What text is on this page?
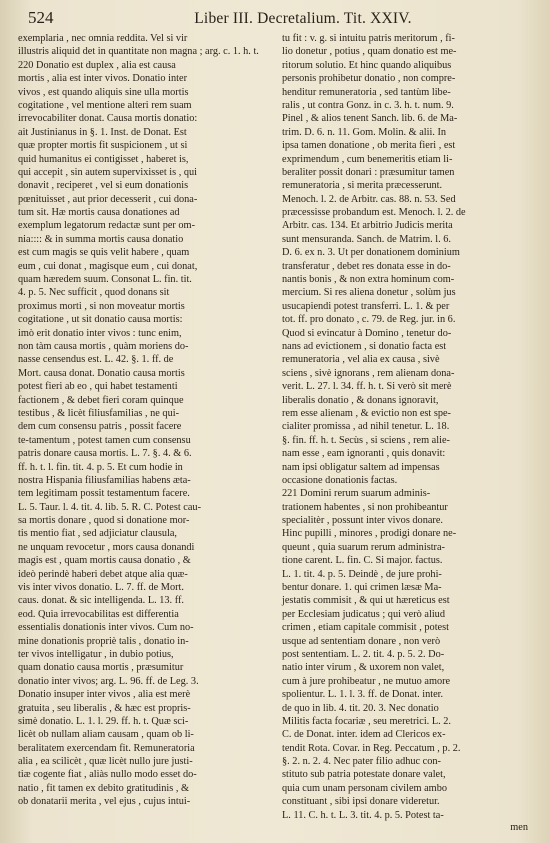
524	Liber III. Decretalium. Tit. XXIV.
exemplaria , nec omnia reddita. Vel si vir
illustris aliquid det in quantitate non magna ; arg. c. 1. h. t.
220 Donatio est duplex , alia est causa
mortis , alia est inter vivos. Donatio inter
vivos , est quando aliquis sine ulla mortis
cogitatione , vel mentione alteri rem suam
irrevocabiliter donat. Causa mortis donatio:
ait Justinianus in §. 1. Inst. de Donat. Est
quæ propter mortis fit suspicionem , ut si
quid humanitus ei contigisset , haberet is,
qui accepit , sin autem supervixisset is , qui
donavit , reciperet , vel si eum donationis
pœnituisset , aut prior decesserit , cui dona-
tum sit. Hæ mortis causa donationes ad
exemplum legatorum redactæ sunt per om-
nia:::: & in summa mortis causa donatio
est cum magis se quis velit habere , quam
eum , cui donat , magisque eum , cui donat,
quam hæredem suum. Consonat L. fin. tit.
4. p. 5. Nec sufficit , quod donans sit
proximus morti , si non moveatur mortis
cogitatione , ut sit donatio causa mortis:
imò erit donatio inter vivos : tunc enim,
non tàm causa mortis , quàm moriens do-
nasse censendus est. L. 42. §. 1. ff. de
Mort. causa donat. Donatio causa mortis
potest fieri ab eo , qui habet testamenti
factionem , & debet fieri coram quinque
testibus , & licèt filiusfamilias , ne qui-
dem cum consensu patris , possit facere
te-tamentum , potest tamen cum consensu
patris donare causa mortis. L. 7. §. 4. & 6.
ff. h. t. l. fin. tit. 4. p. 5. Et cum hodie in
nostra Hispania filiusfamilias habens æta-
tem legitimam possit testamentum facere.
L. 5. Taur. l. 4. tit. 4. lib. 5. R. C. Potest cau-
sa mortis donare , quod si donatione mor-
tis mentio fiat , sed adjiciatur clausula,
ne unquam revocetur , mors causa donandi
magis est , quam mortis causa donatio , &
ideò perindè haberi debet atque alia quæ-
vis inter vivos donatio. L. 7. ff. de Mort.
caus. donat. & sic intelligenda. L. 13. ff.
eod. Quia irrevocabilitas est differentia
essentialis donationis inter vivos. Cum no-
mine donationis propriè talis , donatio in-
ter vivos intelligatur , in dubio potius,
quam donatio causa mortis , præsumitur
donatio inter vivos; arg. L. 96. ff. de Leg. 3.
Donatio insuper inter vivos , alia est merè
gratuita , seu liberalis , & hæc est propris-
simè donatio. L. 1. l. 29. ff. h. t. Quæ sci-
licèt ob nullam aliam causam , quam ob li-
beralitatem exercendam fit. Remuneratoria
alia , ea scilicèt , quæ licèt nullo jure justi-
tiæ cogente fiat , aliàs nullo modo esset do-
natio , fit tamen ex debito gratitudinis , &
ob donatarii merita , vel ejus , cujus intui-
tu fit : v. g. si intuitu patris meritorum , fi-
lio donetur , potius , quam donatio est me-
ritorum solutio. Et hinc quando aliquibus
personis prohibetur donatio , non compre-
henditur remuneratoria , sed tantùm libe-
ralis , ut contra Gonz. in c. 3. h. t. num. 9.
Pinel , & alios tenent Sanch. lib. 6. de Ma-
trim. D. 6. n. 11. Gom. Molin. & alii. In
ipsa tamen donatione , ob merita fieri , est
exprimendum , cum benemeritis etiam li-
beraliter possit donari : præsumitur tamen
remuneratoria , si merita præcesserunt.
Menoch. l. 2. de Arbitr. cas. 88. n. 53. Sed
præcessisse probandum est. Menoch. l. 2. de
Arbitr. cas. 134. Et arbitrio Judicis merita
sunt mensuranda. Sanch. de Matrim. l. 6.
D. 6. ex n. 3. Ut per donationem dominium
transferatur , debet res donata esse in do-
nantis bonis , & non extra hominum com-
mercium. Si res aliena donetur , solùm jus
usucapiendi potest transferri. L. 1. & per
tot. ff. pro donato , c. 79. de Reg. jur. in 6.
Quod si evincatur à Domino , tenetur do-
nans ad evictionem , si donatio facta est
remuneratoria , vel alia ex causa , sivè
sciens , sivè ignorans , rem alienam dona-
verit. L. 27. l. 34. ff. h. t. Si verò sit merè
liberalis donatio , & donans ignoravit,
rem esse alienam , & evictio non est spe-
cialiter promissa , ad nihil tenetur. L. 18.
§. fin. ff. h. t. Secùs , si sciens , rem alie-
nam esse , eam ignoranti , quis donavit:
nam ipsi obligatur saltem ad impensas
occasione donationis factas.
221 Domini rerum suarum adminis-
trationem habentes , si non prohibeantur
specialitèr , possunt inter vivos donare.
Hinc pupilli , minores , prodigi donare ne-
queunt , quia suarum rerum administra-
tione carent. L. fin. C. Si major. factus.
L. 1. tit. 4. p. 5. Deindè , de jure prohi-
bentur donare. 1. qui crimen læsæ Ma-
jestatis commisit , & qui ut hæreticus est
per Ecclesiam judicatus ; qui verò aliud
crimen , etiam capitale commisit , potest
usque ad sententiam donare , non verò
post sententiam. L. 2. tit. 4. p. 5. 2. Do-
natio inter virum , & uxorem non valet,
cum à jure prohibeatur , ne mutuo amore
spolientur. L. 1. l. 3. ff. de Donat. inter.
de quo in lib. 4. tit. 20. 3. Nec donatio
Militis facta focariæ , seu meretrici. L. 2.
C. de Donat. inter. idem ad Clericos ex-
tendit Rota. Covar. in Reg. Peccatum , p. 2.
§. 2. n. 2. 4. Nec pater filio adhuc con-
stituto sub patria potestate donare valet,
quia cum unam personam civilem ambo
constituant , sibi ipsi donare videretur.
L. 11. C. h. t. L. 3. tit. 4. p. 5. Potest ta-
men
